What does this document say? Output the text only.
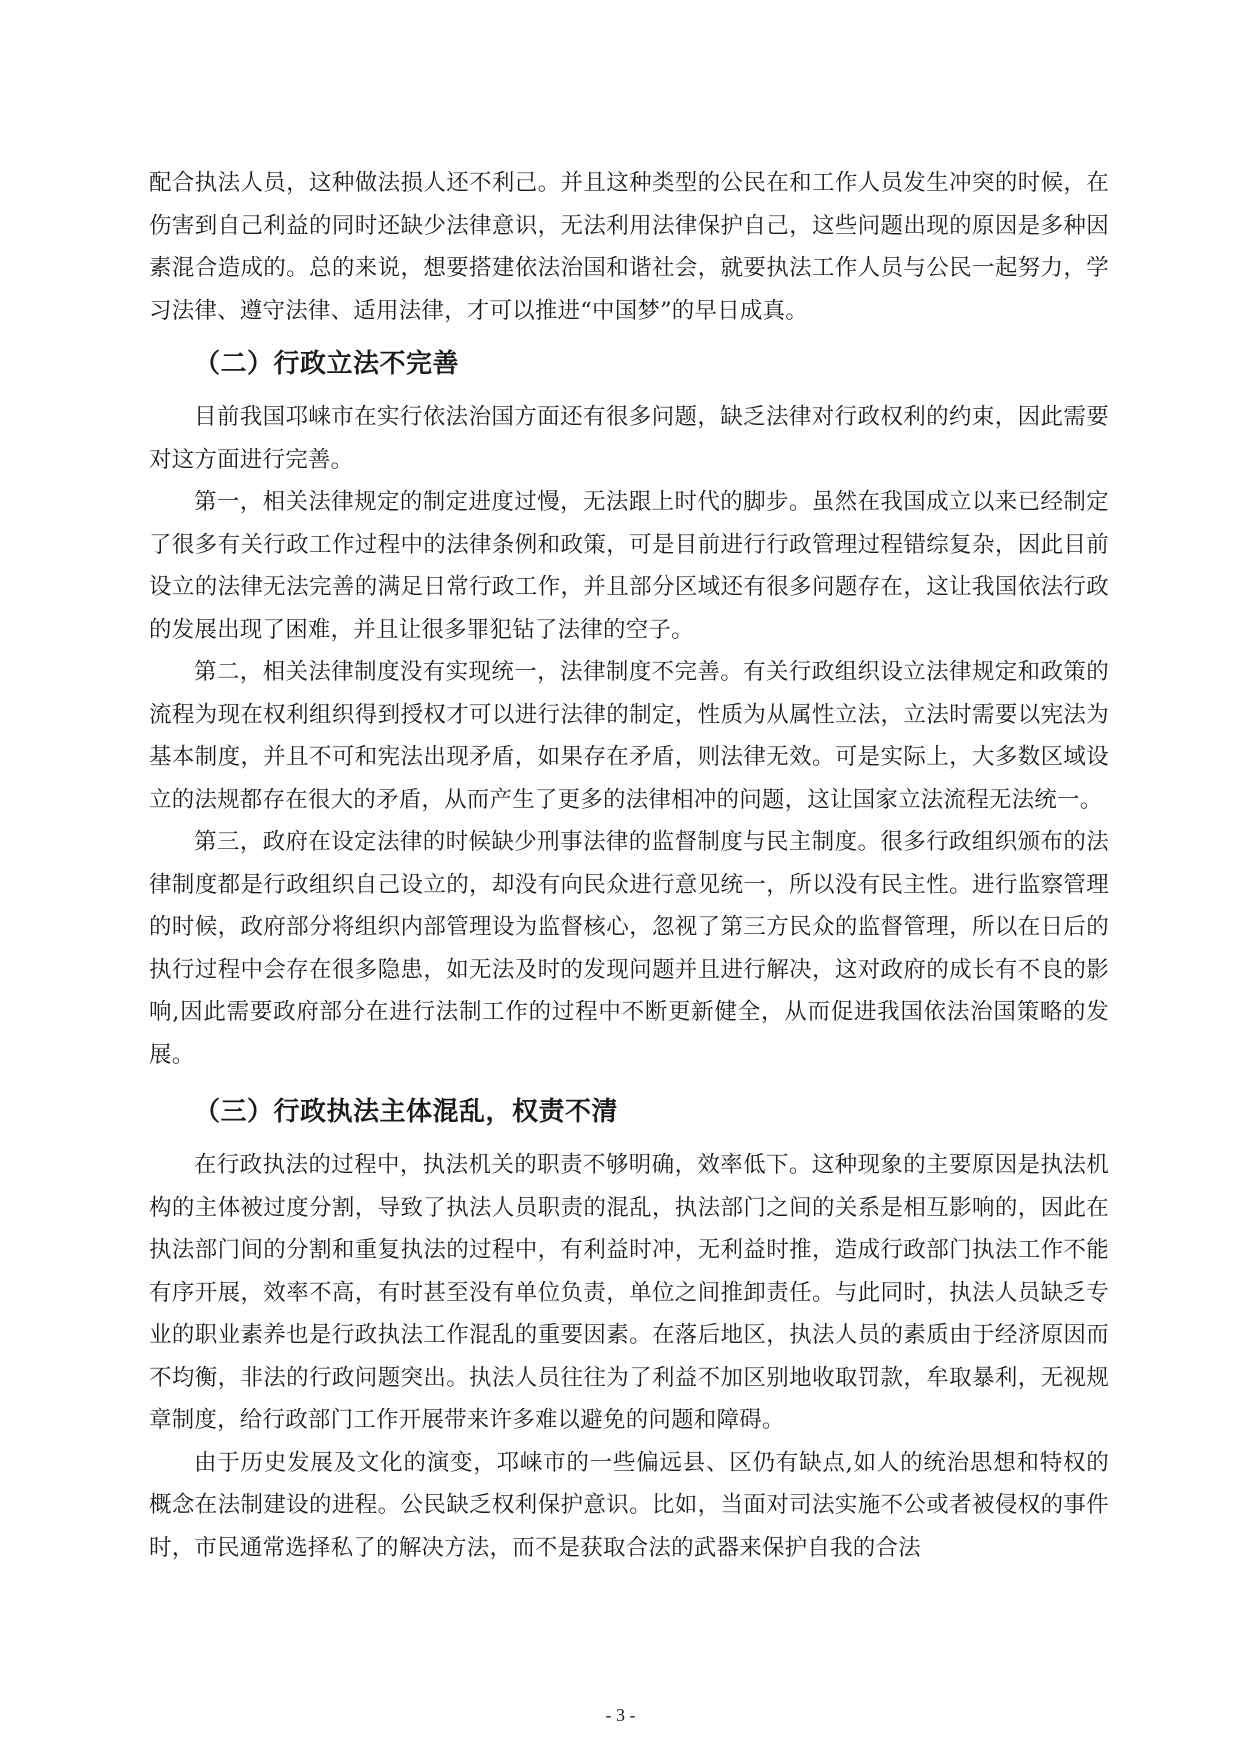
配合执法人员，这种做法损人还不利己。并且这种类型的公民在和工作人员发生冲突的时候，在伤害到自己利益的同时还缺少法律意识，无法利用法律保护自己，这些问题出现的原因是多种因素混合造成的。总的来说，想要搭建依法治国和谐社会，就要执法工作人员与公民一起努力，学习法律、遵守法律、适用法律，才可以推进“中国梦”的早日成真。

（二）行政立法不完善

目前我国邛崃市在实行依法治国方面还有很多问题，缺乏法律对行政权利的约束，因此需要对这方面进行完善。

第一，相关法律规定的制定进度过慢，无法跟上时代的脚步。虽然在我国成立以来已经制定了很多有关行政工作过程中的法律条例和政策，可是目前进行行政管理过程错综复杂，因此目前设立的法律无法完善的满足日常行政工作，并且部分区域还有很多问题存在，这让我国依法行政的发展出现了困难，并且让很多罪犯钻了法律的空子。

第二，相关法律制度没有实现统一，法律制度不完善。有关行政组织设立法律规定和政策的流程为现在权利组织得到授权才可以进行法律的制定，性质为从属性立法，立法时需要以宪法为基本制度，并且不可和宪法出现矛盾，如果存在矛盾，则法律无效。可是实际上，大多数区域设立的法规都存在很大的矛盾，从而产生了更多的法律相冲的问题，这让国家立法流程无法统一。

第三，政府在设定法律的时候缺少刑事法律的监督制度与民主制度。很多行政组织颁布的法律制度都是行政组织自己设立的，却没有向民众进行意见统一，所以没有民主性。进行监察管理的时候，政府部分将组织内部管理设为监督核心，忽视了第三方民众的监督管理，所以在日后的执行过程中会存在很多隐患，如无法及时的发现问题并且进行解决，这对政府的成长有不良的影响,因此需要政府部分在进行法制工作的过程中不断更新健全，从而促进我国依法治国策略的发展。

（三）行政执法主体混乱，权责不清

在行政执法的过程中，执法机关的职责不够明确，效率低下。这种现象的主要原因是执法机构的主体被过度分割，导致了执法人员职责的混乱，执法部门之间的关系是相互影响的，因此在执法部门间的分割和重复执法的过程中，有利益时冲，无利益时推，造成行政部门执法工作不能有序开展，效率不高，有时甚至没有单位负责，单位之间推卸责任。与此同时，执法人员缺乏专业的职业素养也是行政执法工作混乱的重要因素。在落后地区，执法人员的素质由于经济原因而不均衡，非法的行政问题突出。执法人员往往为了利益不加区别地收取罚款，牟取暴利，无视规章制度，给行政部门工作开展带来许多难以避免的问题和障碍。

由于历史发展及文化的演变，邛崃市的一些偏远县、区仍有缺点,如人的统治思想和特权的概念在法制建设的进程。公民缺乏权利保护意识。比如，当面对司法实施不公或者被侵权的事件时，市民通常选择私了的解决方法，而不是获取合法的武器来保护自我的合法

- 3 -
